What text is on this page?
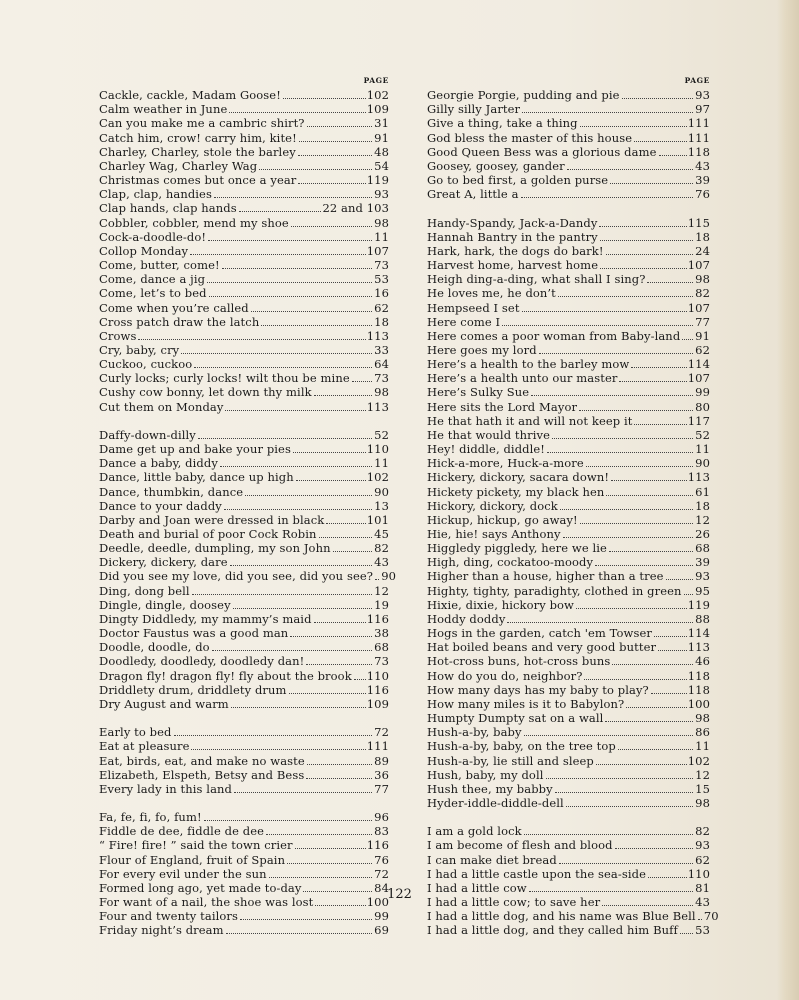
PAGE
Cackle, cackle, Madam Goose!	102
Calm weather in June	109
Can you make me a cambric shirt?	31
Catch him, crow! carry him, kite!	91
Charley, Charley, stole the barley	48
Charley Wag, Charley Wag	54
Christmas comes but once a year	119
Clap, clap, handies	93
Clap hands, clap hands	22 and 103
Cobbler, cobbler, mend my shoe	98
Cock-a-doodle-do!	11
Collop Monday	107
Come, butter, come!	73
Come, dance a jig	53
Come, let’s to bed	16
Come when you’re called	62
Cross patch draw the latch	18
Crows	113
Cry, baby, cry	33
Cuckoo, cuckoo	64
Curly locks; curly locks! wilt thou be mine 73
Cushy cow bonny, let down thy milk	98
Cut them on Monday	113
Daffy-down-dilly	52
Dame get up and bake your pies	110
Dance a baby, diddy	11
Dance, little baby, dance up high	102
Dance, thumbkin, dance	90
Dance to your daddy	13
Darby and Joan were dressed in black	101
Death and burial of poor Cock Robin	45
Deedle, deedle, dumpling, my son John	82
Dickery, dickery, dare	43
Did you see my love, did you see, did you see? 90
Ding, dong bell	12
Dingle, dingle, doosey	19
Dingty Diddledy, my mammy’s maid	116
Doctor Faustus was a good man	38
Doodle, doodle, do	68
Doodledy, doodledy, doodledy dan!	73
Dragon fly! dragon fly! fly about the brook 110
Driddlety drum, driddlety drum	116
Dry August and warm	109
Early to bed	72
Eat at pleasure	111
Eat, birds, eat, and make no waste	89
Elizabeth, Elspeth, Betsy and Bess	36
Every lady in this land	77
Fa, fe, fi, fo, fum!	96
Fiddle de dee, fiddle de dee	83
“ Fire! fire! ” said the town crier	116
Flour of England, fruit of Spain	76
For every evil under the sun	72
Formed long ago, yet made to-day	84
For want of a nail, the shoe was lost	100
Four and twenty tailors	99
Friday night’s dream	69
PAGE
Georgie Porgie, pudding and pie	93
Gilly silly Jarter	97
Give a thing, take a thing	111
God bless the master of this house	111
Good Queen Bess was a glorious dame	118
Goosey, goosey, gander	43
Go to bed first, a golden purse	39
Great A, little a	76
Handy-Spandy, Jack-a-Dandy	115
Hannah Bantry in the pantry	18
Hark, hark, the dogs do bark!	24
Harvest home, harvest home	107
Heigh ding-a-ding, what shall I sing?	98
He loves me, he don’t	82
Hempseed I set	107
Here come I	77
Here comes a poor woman from Baby-land 91
Here goes my lord	62
Here’s a health to the barley mow	114
Here’s a health unto our master	107
Here’s Sulky Sue	99
Here sits the Lord Mayor	80
He that hath it and will not keep it	117
He that would thrive	52
Hey! diddle, diddle!	11
Hick-a-more, Huck-a-more	90
Hickery, dickory, sacara down!	113
Hickety pickety, my black hen	61
Hickory, dickory, dock	18
Hickup, hickup, go away!	12
Hie, hie! says Anthony	26
Higgledy piggledy, here we lie	68
High, ding, cockatoo-moody	39
Higher than a house, higher than a tree	93
Highty, tighty, paradighty, clothed in green 95
Hixie, dixie, hickory bow	119
Hoddy doddy	88
Hogs in the garden, catch 'em Towser	114
Hat boiled beans and very good butter	113
Hot-cross buns, hot-cross buns	46
How do you do, neighbor?	118
How many days has my baby to play?	118
How many miles is it to Babylon?	100
Humpty Dumpty sat on a wall	98
Hush-a-by, baby	86
Hush-a-by, baby, on the tree top	11
Hush-a-by, lie still and sleep	102
Hush, baby, my doll	12
Hush thee, my babby	15
Hyder-iddle-diddle-dell	98
I am a gold lock	82
I am become of flesh and blood	93
I can make diet bread	62
I had a little castle upon the sea-side	110
I had a little cow	81
I had a little cow; to save her	43
I had a little dog, and his name was Blue Bell 70
I had a little dog, and they called him Buff 53
122
